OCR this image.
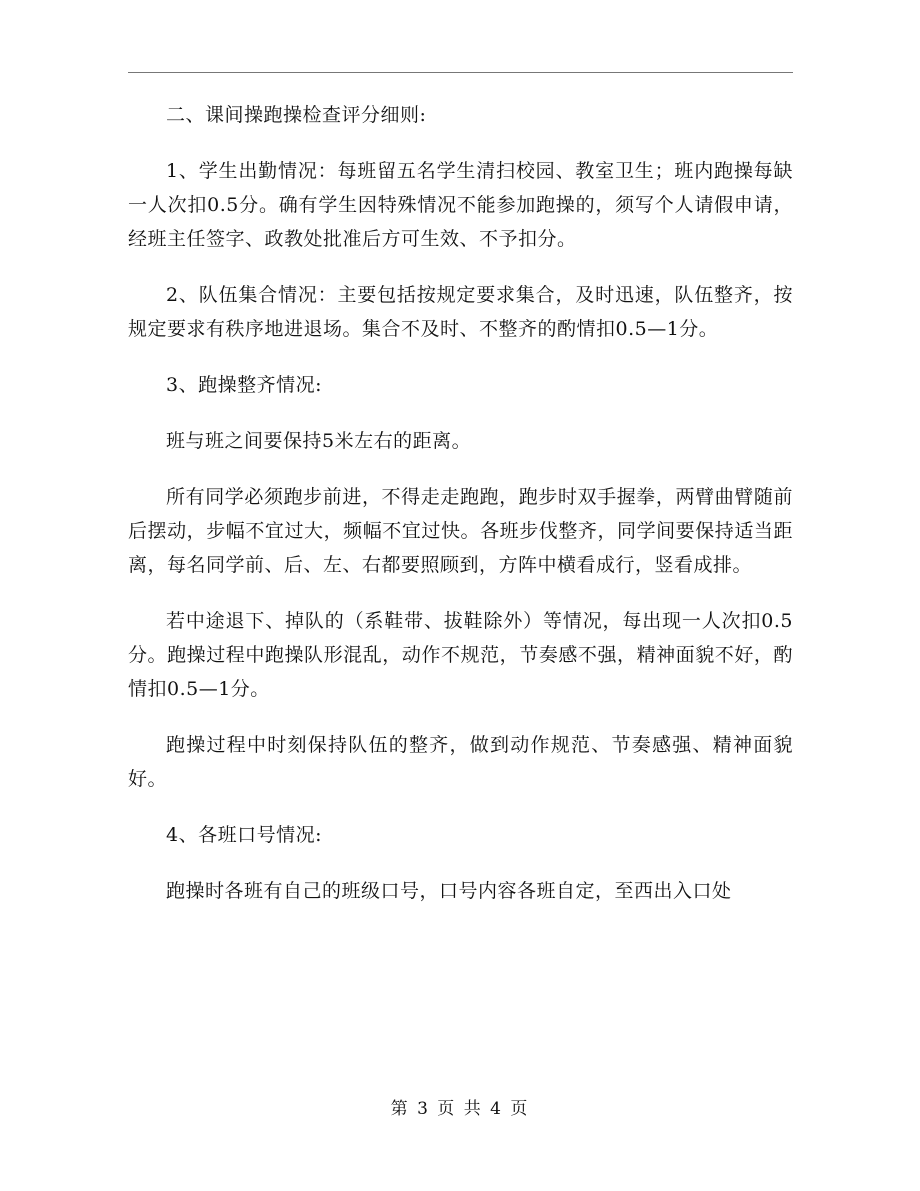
二、课间操跑操检查评分细则:

1、学生出勤情况：每班留五名学生清扫校园、教室卫生；班内跑操每缺一人次扣0.5分。确有学生因特殊情况不能参加跑操的，须写个人请假申请，经班主任签字、政教处批准后方可生效、不予扣分。

2、队伍集合情况：主要包括按规定要求集合，及时迅速，队伍整齐，按规定要求有秩序地进退场。集合不及时、不整齐的酌情扣0.5—1分。

3、跑操整齐情况:

班与班之间要保持5米左右的距离。

所有同学必须跑步前进，不得走走跑跑，跑步时双手握拳，两臂曲臂随前后摆动，步幅不宜过大，频幅不宜过快。各班步伐整齐，同学间要保持适当距离，每名同学前、后、左、右都要照顾到，方阵中横看成行，竖看成排。

若中途退下、掉队的（系鞋带、拔鞋除外）等情况，每出现一人次扣0.5分。跑操过程中跑操队形混乱，动作不规范，节奏感不强，精神面貌不好，酌情扣0.5—1分。

跑操过程中时刻保持队伍的整齐，做到动作规范、节奏感强、精神面貌好。

4、各班口号情况:

跑操时各班有自己的班级口号，口号内容各班自定，至西出入口处

第 3 页 共 4 页
